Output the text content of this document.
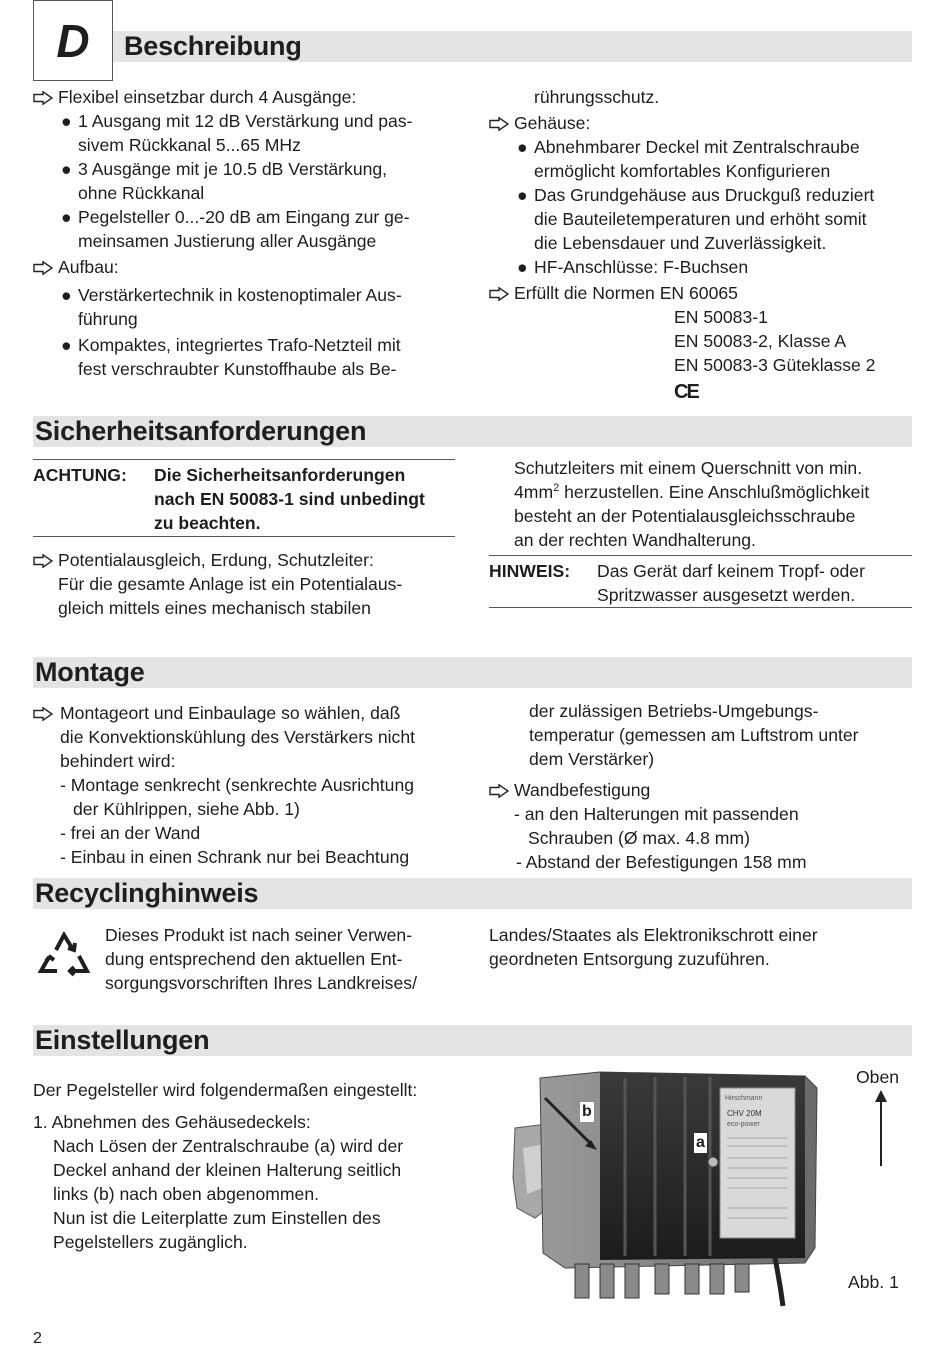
D	Beschreibung
Flexibel einsetzbar durch 4 Ausgänge:
● 1 Ausgang mit 12 dB Verstärkung und pas-
sivem Rückkanal 5...65 MHz
● 3 Ausgänge mit je 10.5 dB Verstärkung,
ohne Rückkanal
● Pegelsteller 0...-20 dB am Eingang zur ge-
meinsamen Justierung aller Ausgänge
Aufbau:
● Verstärkertechnik in kostenoptimaler Aus-
führung
● Kompaktes, integriertes Trafo-Netzteil mit
fest verschraubter Kunstoffhaube als Be-
rührungsschutz.
Gehäuse:
● Abnehmbarer Deckel mit Zentralschraube
ermöglicht komfortables Konfigurieren
● Das Grundgehäuse aus Druckguß reduziert
die Bauteiletemperaturen und erhöht somit
die Lebensdauer und Zuverlässigkeit.
● HF-Anschlüsse: F-Buchsen
Erfüllt die Normen EN 60065
EN 50083-1
EN 50083-2, Klasse A
EN 50083-3 Güteklasse 2
CE
Sicherheitsanforderungen
ACHTUNG: Die Sicherheitsanforderungen
nach EN 50083-1 sind unbedingt
zu beachten.
Potentialausgleich, Erdung, Schutzleiter:
Für die gesamte Anlage ist ein Potentialaus-
gleich mittels eines mechanisch stabilen
Schutzleiters mit einem Querschnitt von min.
$4mm^2$ herzustellen. Eine Anschlußmöglichkeit
besteht an der Potentialausgleichsschraube
an der rechten Wandhalterung.
HINWEIS: Das Gerät darf keinem Tropf- oder
Spritzwasser ausgesetzt werden.
Montage
Montageort und Einbaulage so wählen, daß
die Konvektionskühlung des Verstärkers nicht
behindert wird:
- Montage senkrecht (senkrechte Ausrichtung
der Kühlrippen, siehe Abb. 1)
- frei an der Wand
- Einbau in einen Schrank nur bei Beachtung
der zulässigen Betriebs-Umgebungs-
temperatur (gemessen am Luftstrom unter
dem Verstärker)
Wandbefestigung
- an den Halterungen mit passenden
Schrauben (Ø max. 4.8 mm)
- Abstand der Befestigungen 158 mm
Recyclinghinweis
Dieses Produkt ist nach seiner Verwen-
dung entsprechend den aktuellen Ent-
sorgungsvorschriften Ihres Landkreises/
Landes/Staates als Elektronikschrott einer
geordneten Entsorgung zuzuführen.
Einstellungen
Der Pegelsteller wird folgendermaßen eingestellt:
1. Abnehmen des Gehäusedeckels:
Nach Lösen der Zentralschraube (a) wird der
Deckel anhand der kleinen Halterung seitlich
links (b) nach oben abgenommen.
Nun ist die Leiterplatte zum Einstellen des
Pegelstellers zugänglich.
Hirschmann
CHV 20M
eco-power
b
a
Oben
Abb. 1
2
